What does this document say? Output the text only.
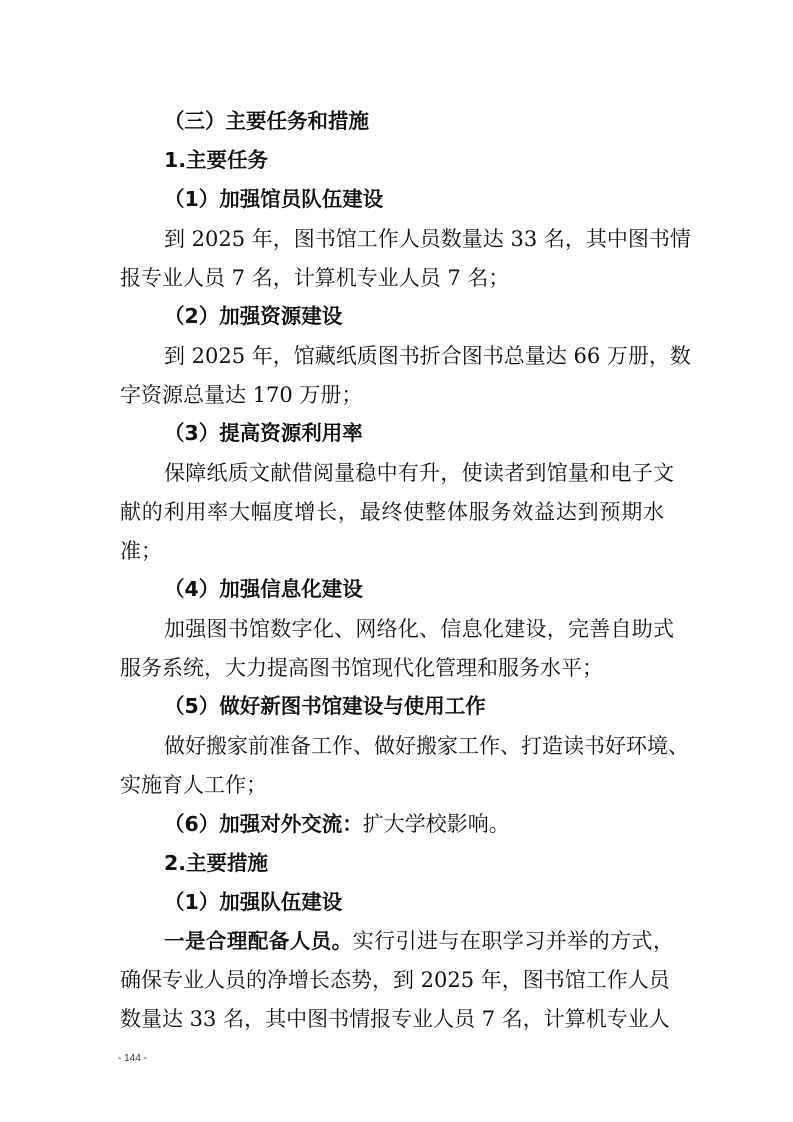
（三）主要任务和措施
1.主要任务
（1）加强馆员队伍建设
到 2025 年，图书馆工作人员数量达 33 名，其中图书情
报专业人员 7 名，计算机专业人员 7 名；
（2）加强资源建设
到 2025 年，馆藏纸质图书折合图书总量达 66 万册，数
字资源总量达 170 万册；
（3）提高资源利用率
保障纸质文献借阅量稳中有升，使读者到馆量和电子文
献的利用率大幅度增长，最终使整体服务效益达到预期水
准；
（4）加强信息化建设
加强图书馆数字化、网络化、信息化建设，完善自助式
服务系统，大力提高图书馆现代化管理和服务水平；
（5）做好新图书馆建设与使用工作
做好搬家前准备工作、做好搬家工作、打造读书好环境、
实施育人工作；
（6）加强对外交流：扩大学校影响。
2.主要措施
（1）加强队伍建设
一是合理配备人员。实行引进与在职学习并举的方式，
确保专业人员的净增长态势，到 2025 年，图书馆工作人员
数量达 33 名，其中图书情报专业人员 7 名，计算机专业人
- 144 -
